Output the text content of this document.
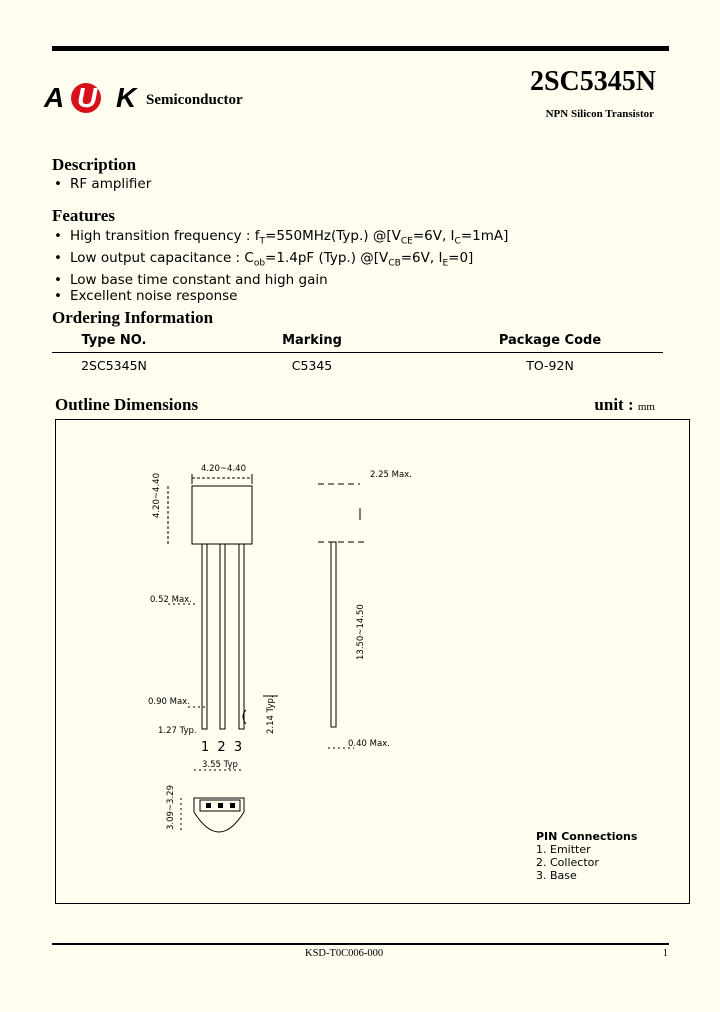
A U K Semiconductor
2SC5345N
NPN Silicon Transistor
Description
• RF amplifier
Features
• High transition frequency : $f_T=550MHz(Typ.)$ $@[V_{CE}=6V$, $I_C=1mA$]
• Low output capacitance : $C_{ob}=1.4pF$ (Typ.) $@[V_{CB}=6V$, $I_E=0$]
• Low base time constant and high gain
• Excellent noise response
Ordering Information
Type NO.	Marking	Package Code
2SC5345N	C5345	TO-92N
Outline Dimensions	unit : mm
4.20~4.40
4.20~4.40
0.52 Max.
0.90 Max.
1.27 Typ.	2.14 Typ.
1 2 3
3.55 Typ
3.09~3.29
2.25 Max.
13.50~14.50
0.40 Max.
PIN Connections
1. Emitter
2. Collector
3. Base
KSD-T0C006-000	1
